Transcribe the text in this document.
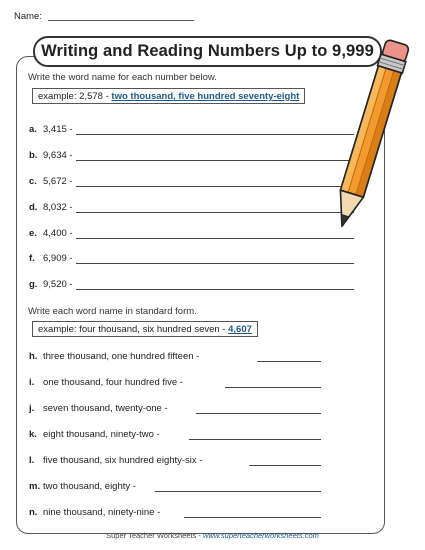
Name:
Writing and Reading Numbers Up to 9,999
Write the word name for each number below.
example: 2,578 - two thousand, five hundred seventy-eight
a. 3,415 -
b. 9,634 -
c. 5,672 -
d. 8,032 -
e. 4,400 -
f. 6,909 -
g. 9,520 -
Write each word name in standard form.
example: four thousand, six hundred seven - 4,607
h. three thousand, one hundred fifteen -
i. one thousand, four hundred five -
j. seven thousand, twenty-one -
k. eight thousand, ninety-two -
l. five thousand, six hundred eighty-six -
m. two thousand, eighty -
n. nine thousand, ninety-nine -
Super Teacher Worksheets - www.superteacherworksheets.com
